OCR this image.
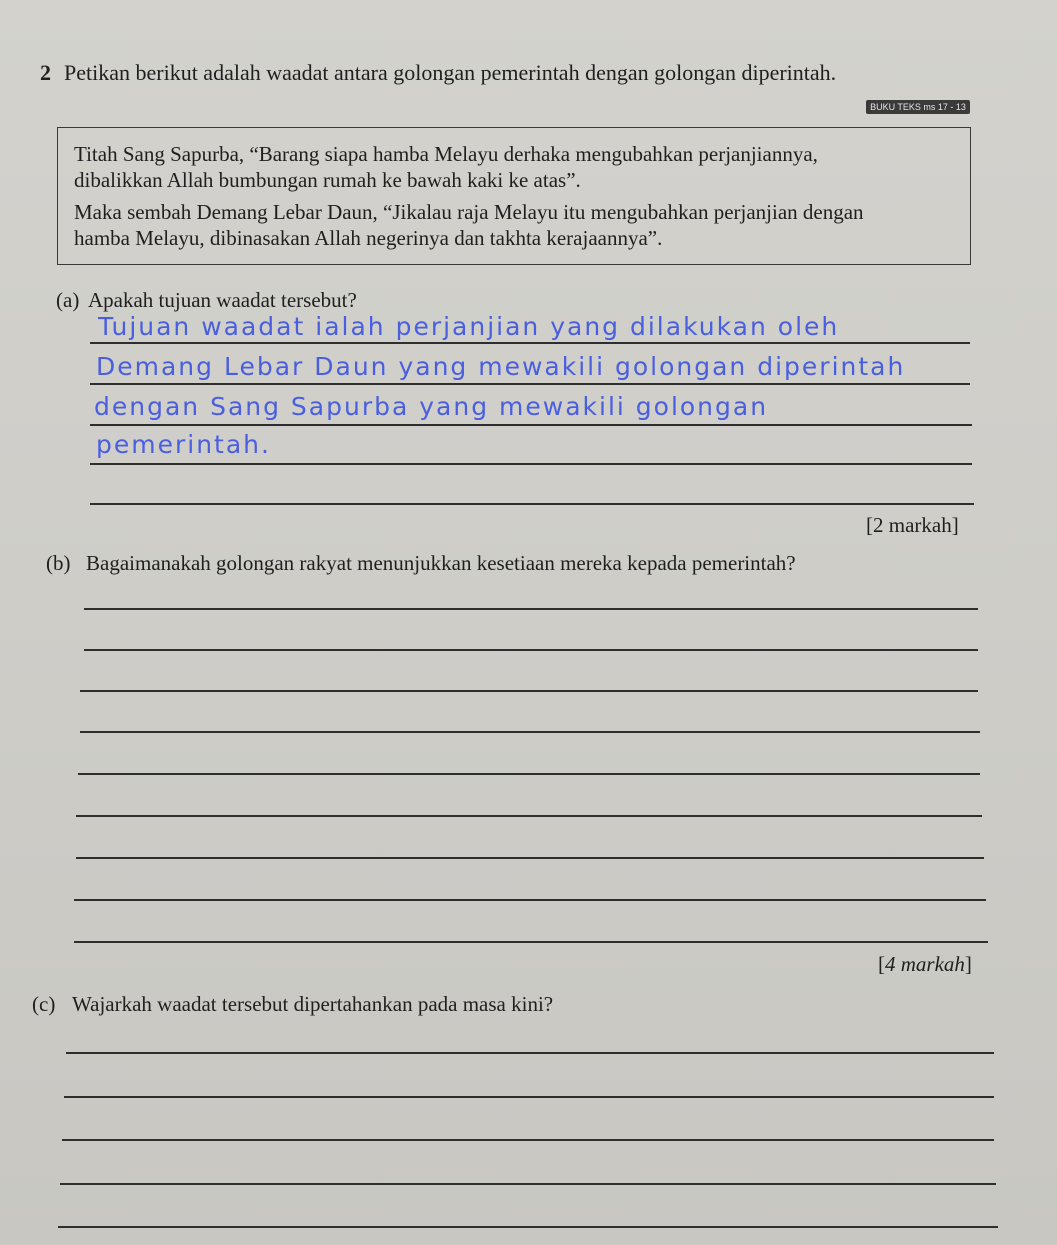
2 Petikan berikut adalah waadat antara golongan pemerintah dengan golongan diperintah.
BUKU TEKS ms 17 - 13
Titah Sang Sapurba, “Barang siapa hamba Melayu derhaka mengubahkan perjanjiannya,
dibalikkan Allah bumbungan rumah ke bawah kaki ke atas”.
Maka sembah Demang Lebar Daun, “Jikalau raja Melayu itu mengubahkan perjanjian dengan
hamba Melayu, dibinasakan Allah negerinya dan takhta kerajaannya”.
(a) Apakah tujuan waadat tersebut?
Tujuan waadat ialah perjanjian yang dilakukan oleh
Demang Lebar Daun yang mewakili golongan diperintah
dengan Sang Sapurba yang mewakili golongan
pemerintah.
[2 markah]
(b) Bagaimanakah golongan rakyat menunjukkan kesetiaan mereka kepada pemerintah?
[4 markah]
(c) Wajarkah waadat tersebut dipertahankan pada masa kini?
